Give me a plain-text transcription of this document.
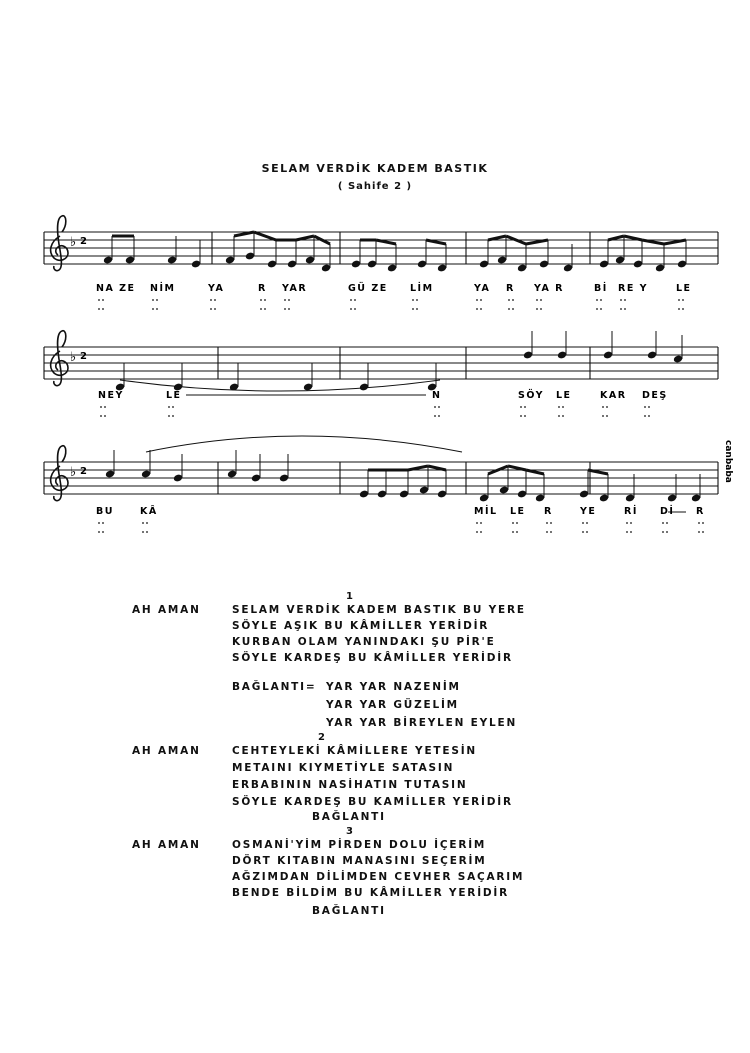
SELAM VERDİK KADEM BASTIK
( Sahife 2 )
canbaba
♭ 2
♭ 2
♭ 2
NA ZE NİM	YA	R YAR	GÜ ZE LİM	YA R YA R	Bİ RE Y	LE
NEY	LE	N	SÖY LE	KAR DEŞ
BU	KÂ	MİL LE R	YE	Rİ Dİ R
1
AH AMAN	SELAM VERDİK KADEM BASTIK BU YERE
SÖYLE AŞIK BU KÂMİLLER YERİDİR
KURBAN OLAM YANINDAKI ŞU PİR'E
SÖYLE KARDEŞ BU KÂMİLLER YERİDİR
BAĞLANTI= YAR YAR NAZENİM
YAR YAR GÜZELİM
YAR YAR BİREYLEN EYLEN
2
AH AMAN	CEHTEYLEKİ KÂMİLLERE YETESİN
METAINI KIYMETİYLE SATASIN
ERBABININ NASİHATIN TUTASIN
SÖYLE KARDEŞ BU KAMİLLER YERİDİR
BAĞLANTI
3
AH AMAN	OSMANİ'YİM PİRDEN DOLU İÇERİM
DÖRT KITABIN MANASINI SEÇERİM
AĞZIMDAN DİLİMDEN CEVHER SAÇARIM
BENDE BİLDİM BU KÂMİLLER YERİDİR
BAĞLANTI
